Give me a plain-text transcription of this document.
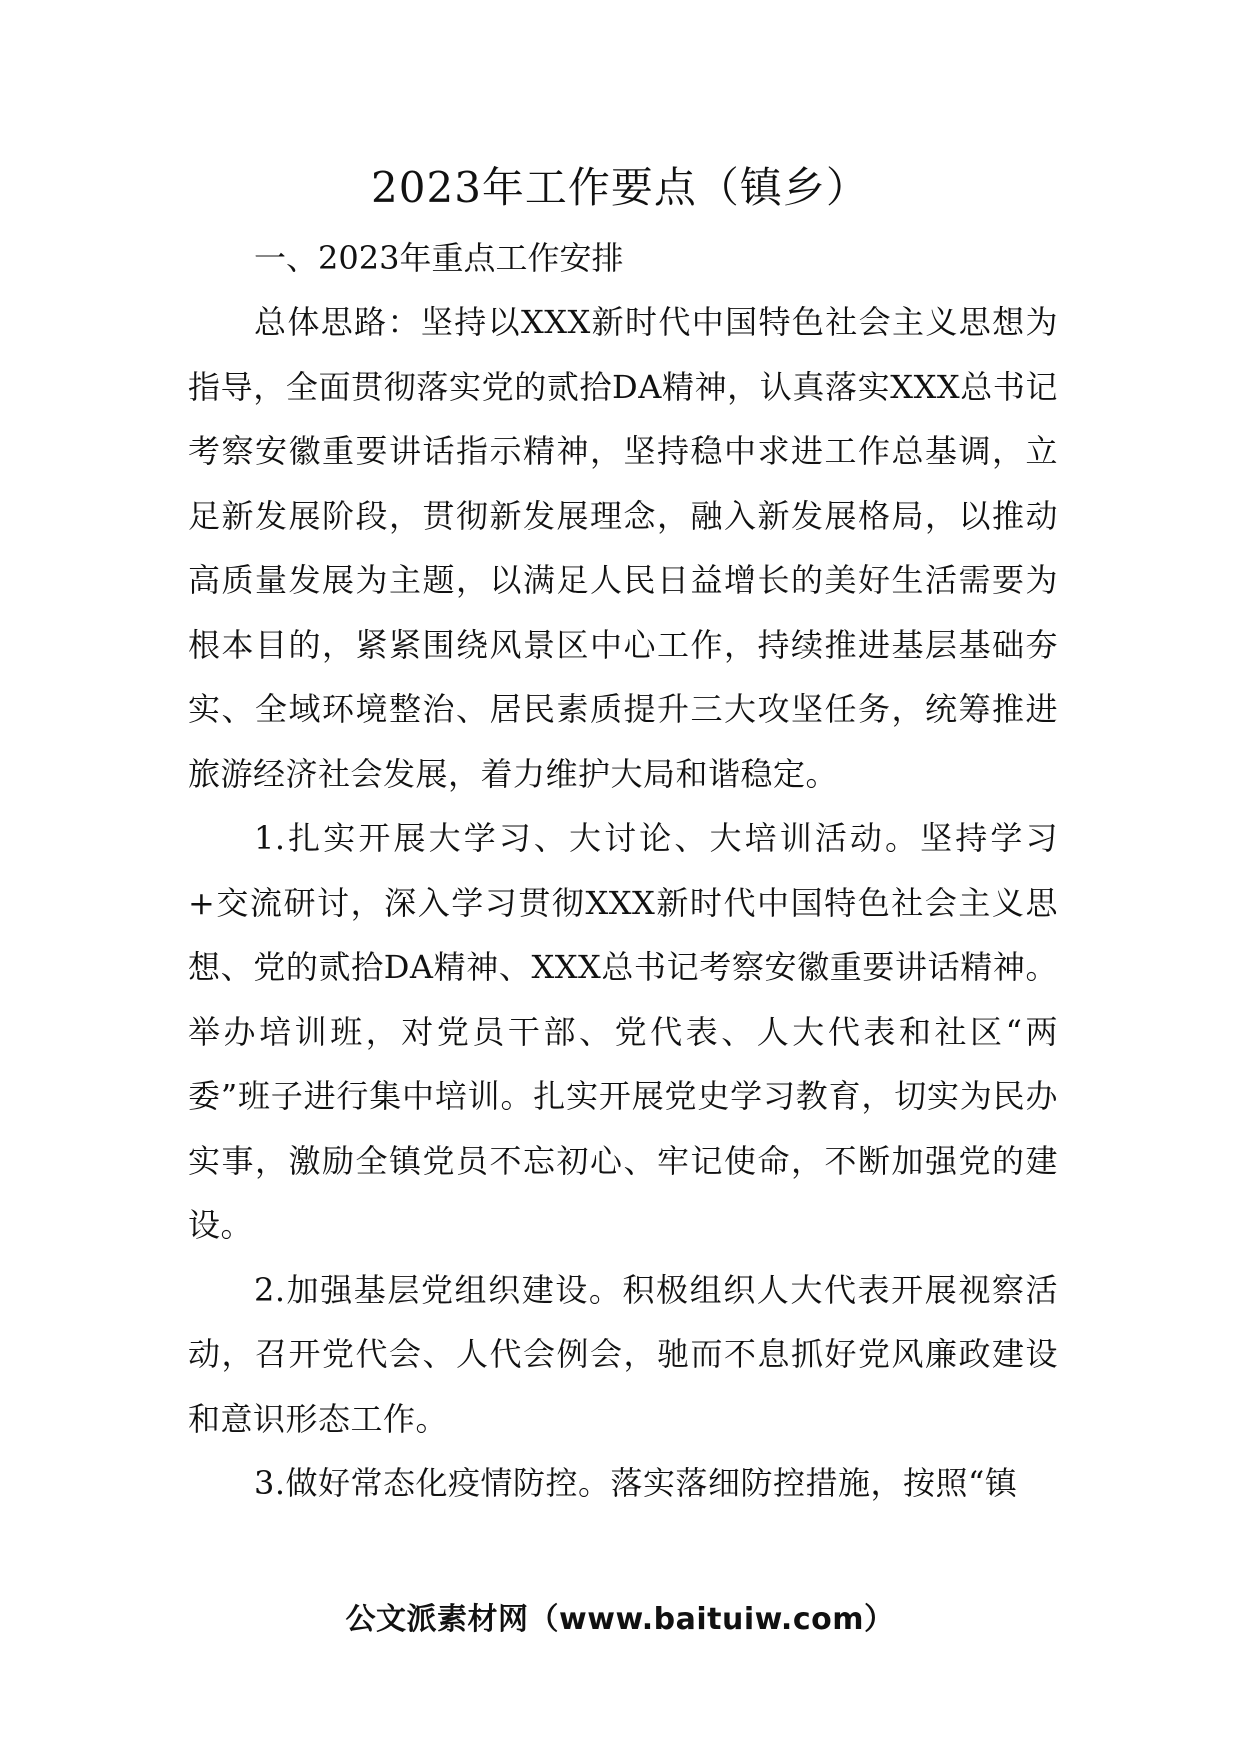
2023年工作要点（镇乡）

一、2023年重点工作安排

总体思路：坚持以XXX新时代中国特色社会主义思想为指导，全面贯彻落实党的贰拾DA精神，认真落实XXX总书记考察安徽重要讲话指示精神，坚持稳中求进工作总基调，立足新发展阶段，贯彻新发展理念，融入新发展格局，以推动高质量发展为主题，以满足人民日益增长的美好生活需要为根本目的，紧紧围绕风景区中心工作，持续推进基层基础夯实、全域环境整治、居民素质提升三大攻坚任务，统筹推进旅游经济社会发展，着力维护大局和谐稳定。

1.扎实开展大学习、大讨论、大培训活动。坚持学习+交流研讨，深入学习贯彻XXX新时代中国特色社会主义思想、党的贰拾DA精神、XXX总书记考察安徽重要讲话精神。举办培训班，对党员干部、党代表、人大代表和社区“两委”班子进行集中培训。扎实开展党史学习教育，切实为民办实事，激励全镇党员不忘初心、牢记使命，不断加强党的建设。

2.加强基层党组织建设。积极组织人大代表开展视察活动，召开党代会、人代会例会，驰而不息抓好党风廉政建设和意识形态工作。

3.做好常态化疫情防控。落实落细防控措施，按照“镇

公文派素材网（www.baituiw.com）
